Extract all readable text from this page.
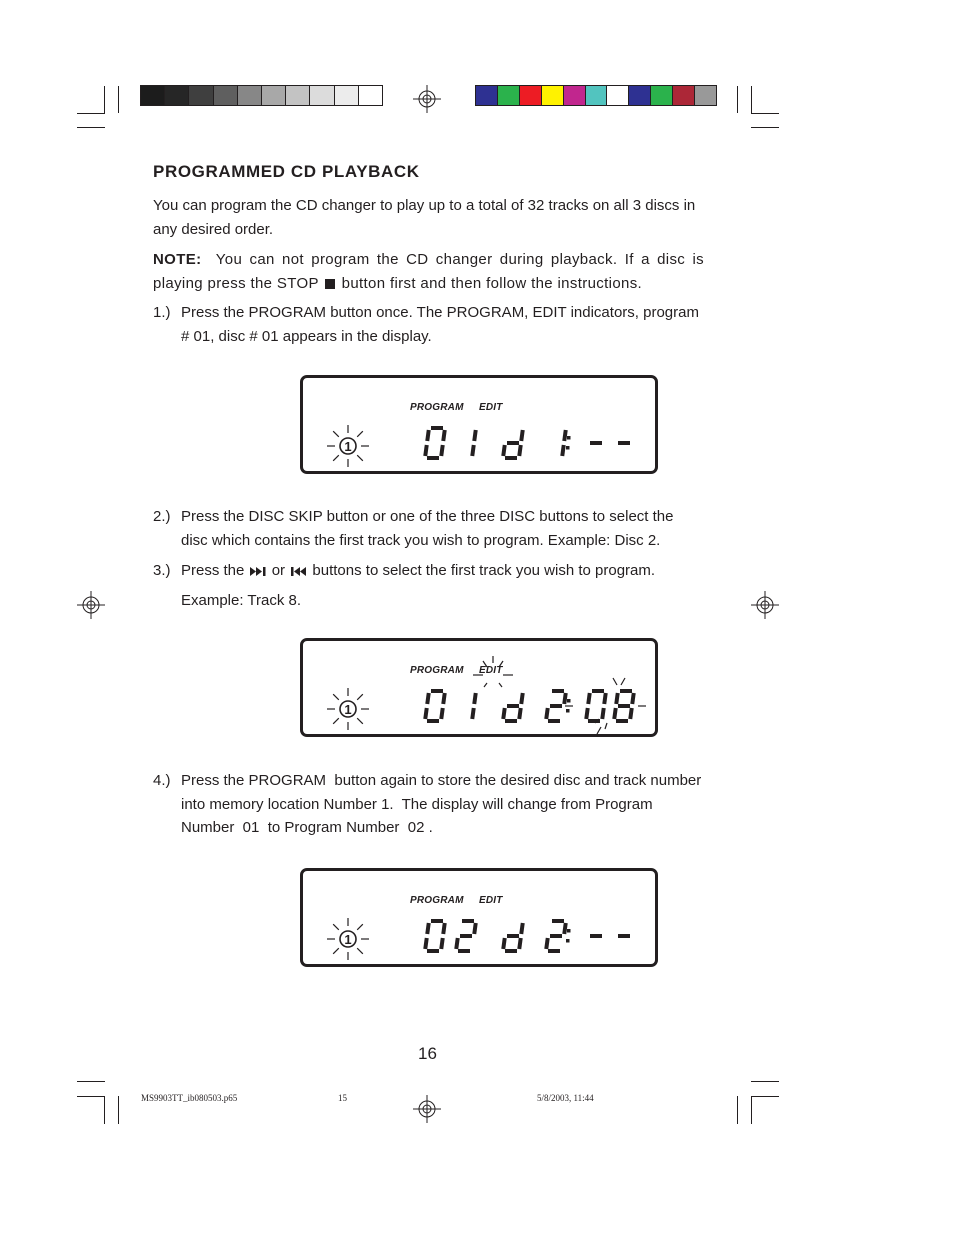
PROGRAMMED CD PLAYBACK

You can program the CD changer to play up to a total of 32 tracks on all 3 discs in any desired order.

NOTE: You can not program the CD changer during playback. If a disc is playing press the STOP button first and then follow the instructions.

1.) Press the PROGRAM button once. The PROGRAM, EDIT indicators, program # 01, disc # 01 appears in the display.
PROGRAM EDIT
1
2.) Press the DISC SKIP button or one of the three DISC buttons to select the disc which contains the first track you wish to program. Example: Disc 2.
3.) Press the or buttons to select the first track you wish to program.
Example: Track 8.
PROGRAM EDIT
1
4.) Press the PROGRAM  button again to store the desired disc and track number into memory location Number 1.  The display will change from Program Number  01  to Program Number  02 .
PROGRAM EDIT
1
16
MS9903TT_ib080503.p65	15	5/8/2003, 11:44
